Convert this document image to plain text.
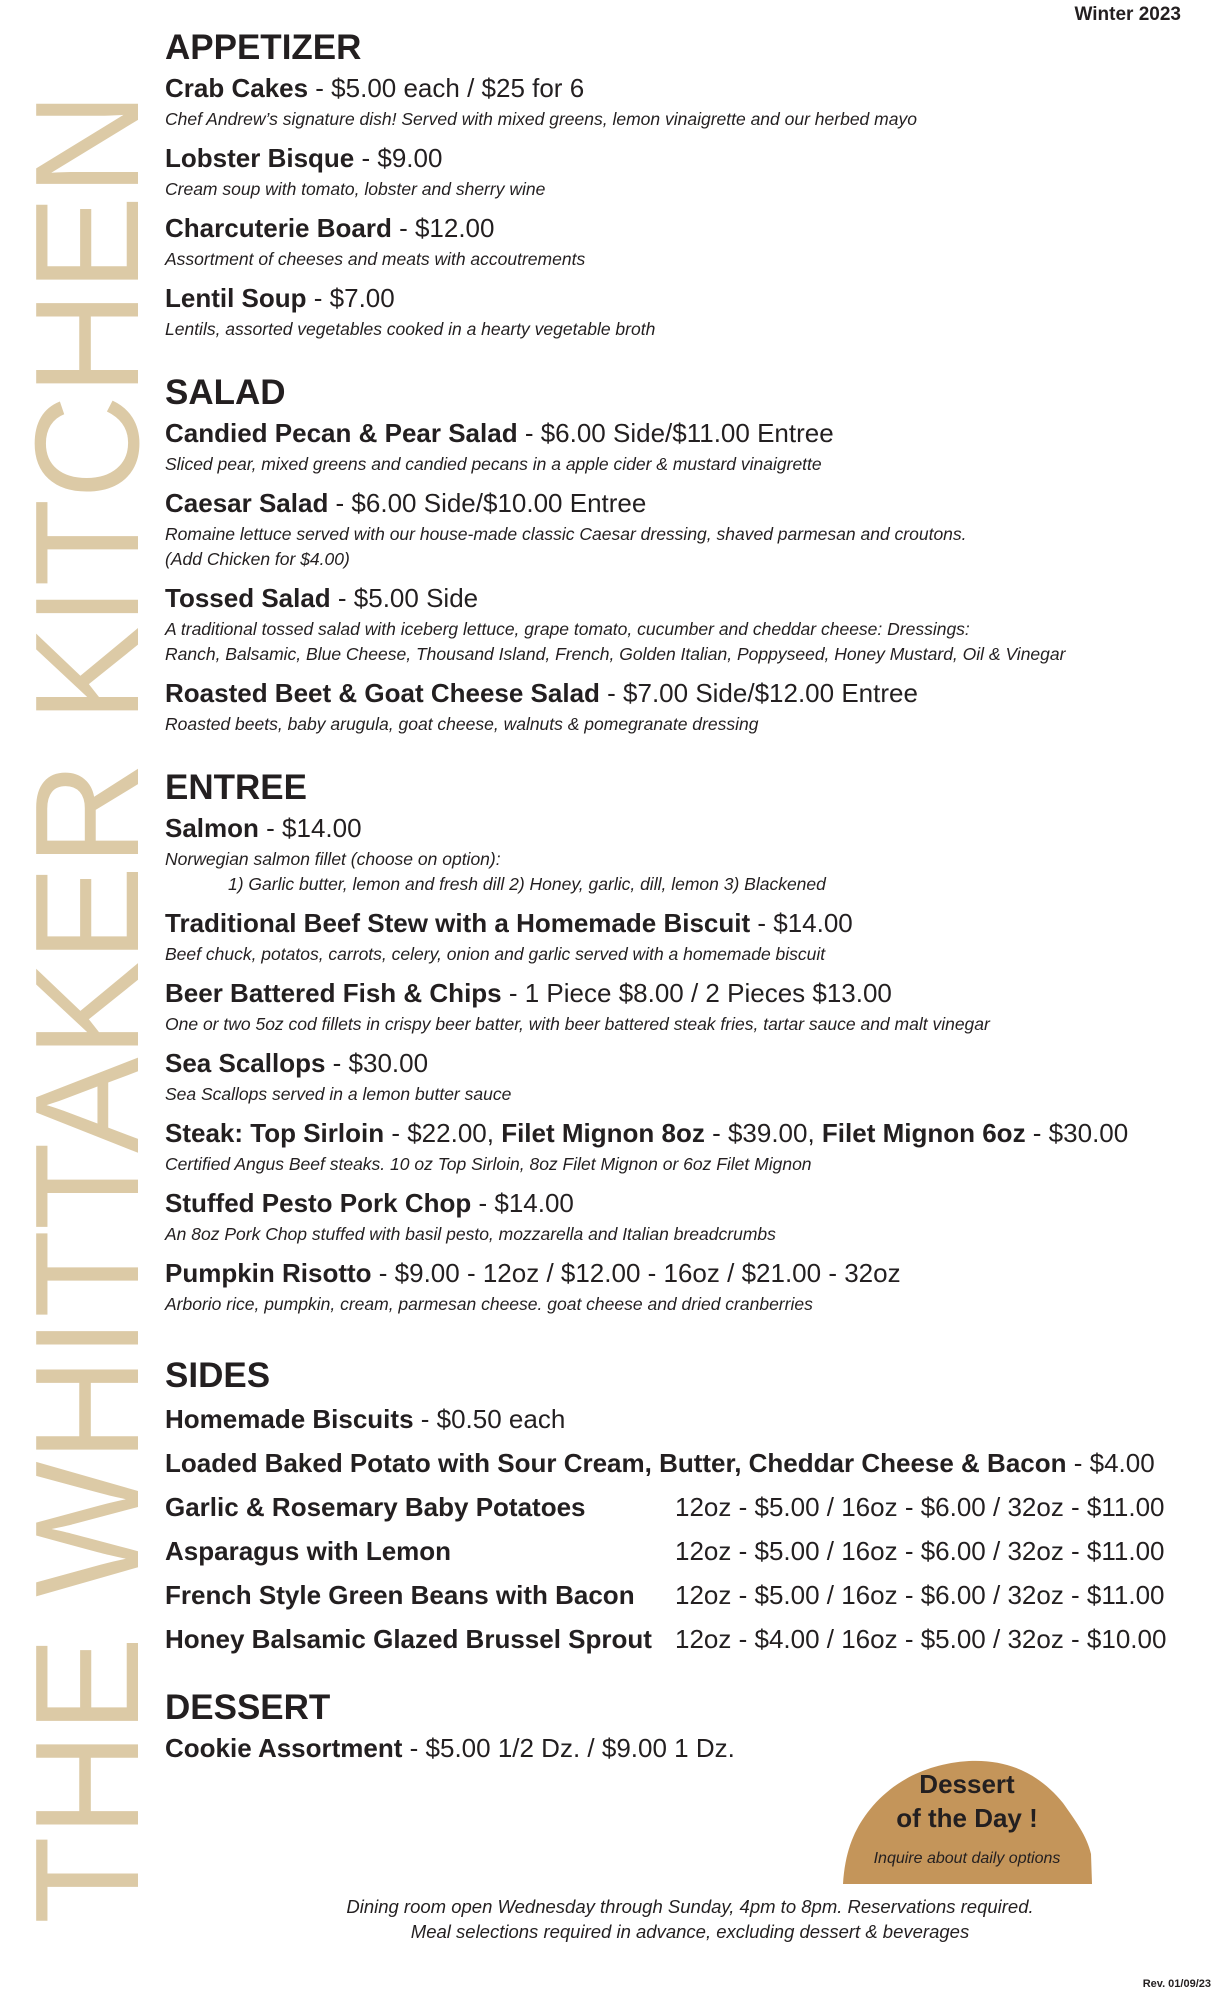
Winter 2023
THE WHITTAKER KITCHEN
APPETIZER
Crab Cakes - $5.00 each / $25 for 6
Chef Andrew’s signature dish! Served with mixed greens, lemon vinaigrette and our herbed mayo
Lobster Bisque - $9.00
Cream soup with tomato, lobster and sherry wine
Charcuterie Board - $12.00
Assortment of cheeses and meats with accoutrements
Lentil Soup - $7.00
Lentils, assorted vegetables cooked in a hearty vegetable broth
SALAD
Candied Pecan & Pear Salad - $6.00 Side/$11.00 Entree
Sliced pear, mixed greens and candied pecans in a apple cider & mustard vinaigrette
Caesar Salad - $6.00 Side/$10.00 Entree
Romaine lettuce served with our house-made classic Caesar dressing, shaved parmesan and croutons.
(Add Chicken for $4.00)
Tossed Salad - $5.00 Side
A traditional tossed salad with iceberg lettuce, grape tomato, cucumber and cheddar cheese: Dressings:
Ranch, Balsamic, Blue Cheese, Thousand Island, French, Golden Italian, Poppyseed, Honey Mustard, Oil & Vinegar
Roasted Beet & Goat Cheese Salad - $7.00 Side/$12.00 Entree
Roasted beets, baby arugula, goat cheese, walnuts & pomegranate dressing
ENTREE
Salmon - $14.00
Norwegian salmon fillet (choose on option):
1) Garlic butter, lemon and fresh dill 2) Honey, garlic, dill, lemon 3) Blackened
Traditional Beef Stew with a Homemade Biscuit - $14.00
Beef chuck, potatos, carrots, celery, onion and garlic served with a homemade biscuit
Beer Battered Fish & Chips - 1 Piece $8.00 / 2 Pieces $13.00
One or two 5oz cod fillets in crispy beer batter, with beer battered steak fries, tartar sauce and malt vinegar
Sea Scallops - $30.00
Sea Scallops served in a lemon butter sauce
Steak: Top Sirloin - $22.00, Filet Mignon 8oz - $39.00, Filet Mignon 6oz - $30.00
Certified Angus Beef steaks. 10 oz Top Sirloin, 8oz Filet Mignon or 6oz Filet Mignon
Stuffed Pesto Pork Chop - $14.00
An 8oz Pork Chop stuffed with basil pesto, mozzarella and Italian breadcrumbs
Pumpkin Risotto - $9.00 - 12oz / $12.00 - 16oz / $21.00 - 32oz
Arborio rice, pumpkin, cream, parmesan cheese. goat cheese and dried cranberries
SIDES
Homemade Biscuits - $0.50 each
Loaded Baked Potato with Sour Cream, Butter, Cheddar Cheese & Bacon - $4.00
Garlic & Rosemary Baby Potatoes	12oz - $5.00 / 16oz - $6.00 / 32oz - $11.00
Asparagus with Lemon	12oz - $5.00 / 16oz - $6.00 / 32oz - $11.00
French Style Green Beans with Bacon	12oz - $5.00 / 16oz - $6.00 / 32oz - $11.00
Honey Balsamic Glazed Brussel Sprout 12oz - $4.00 / 16oz - $5.00 / 32oz - $10.00
DESSERT
Cookie Assortment - $5.00 1/2 Dz. / $9.00 1 Dz.
Dessert
of the Day !
Inquire about daily options
Dining room open Wednesday through Sunday, 4pm to 8pm. Reservations required.
Meal selections required in advance, excluding dessert & beverages
Rev. 01/09/23
